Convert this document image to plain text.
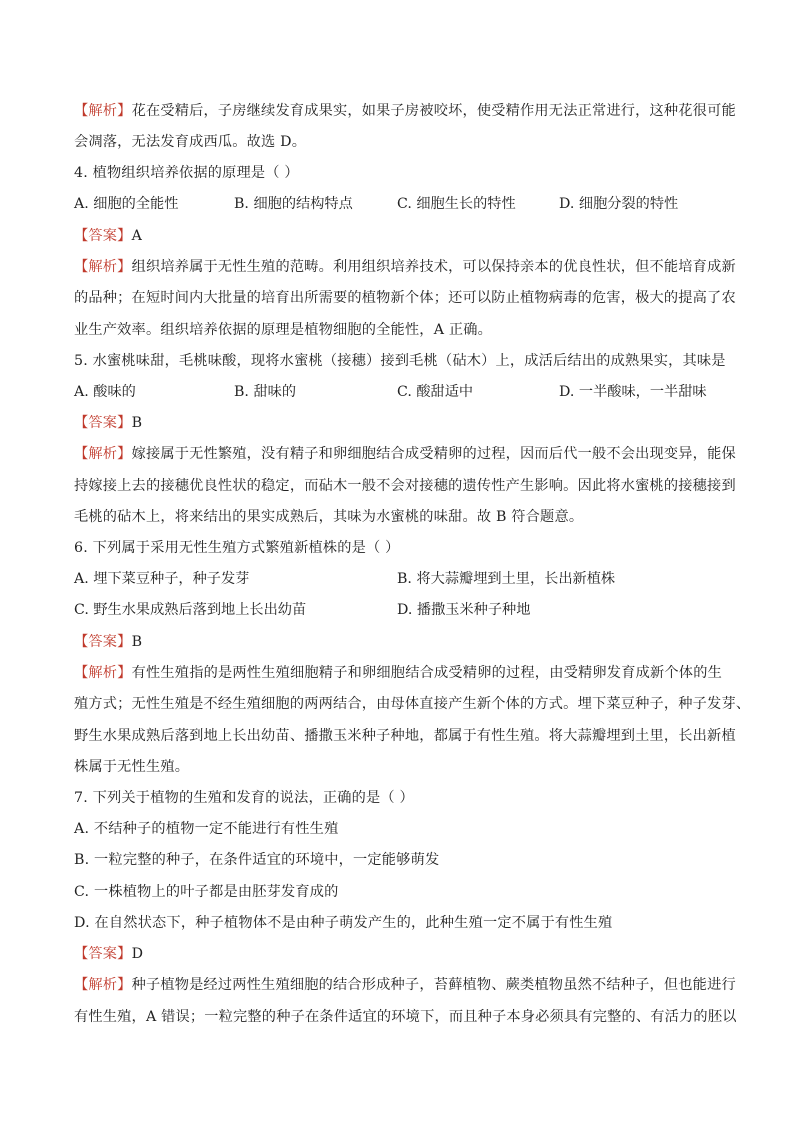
【解析】花在受精后，子房继续发育成果实，如果子房被咬坏，使受精作用无法正常进行，这种花很可能
会凋落，无法发育成西瓜。故选 D。
4. 植物组织培养依据的原理是（ ）
A. 细胞的全能性	B. 细胞的结构特点	C. 细胞生长的特性	D. 细胞分裂的特性
【答案】A
【解析】组织培养属于无性生殖的范畴。利用组织培养技术，可以保持亲本的优良性状，但不能培育成新
的品种；在短时间内大批量的培育出所需要的植物新个体；还可以防止植物病毒的危害，极大的提高了农
业生产效率。组织培养依据的原理是植物细胞的全能性，A 正确。
5. 水蜜桃味甜，毛桃味酸，现将水蜜桃（接穗）接到毛桃（砧木）上，成活后结出的成熟果实，其味是
A. 酸味的	B. 甜味的	C. 酸甜适中	D. 一半酸味，一半甜味
【答案】B
【解析】嫁接属于无性繁殖，没有精子和卵细胞结合成受精卵的过程，因而后代一般不会出现变异，能保
持嫁接上去的接穗优良性状的稳定，而砧木一般不会对接穗的遗传性产生影响。因此将水蜜桃的接穗接到
毛桃的砧木上，将来结出的果实成熟后，其味为水蜜桃的味甜。故 B 符合题意。
6. 下列属于采用无性生殖方式繁殖新植株的是（ ）
A. 埋下菜豆种子，种子发芽	B. 将大蒜瓣埋到土里，长出新植株
C. 野生水果成熟后落到地上长出幼苗	D. 播撒玉米种子种地
【答案】B
【解析】有性生殖指的是两性生殖细胞精子和卵细胞结合成受精卵的过程，由受精卵发育成新个体的生
殖方式；无性生殖是不经生殖细胞的两两结合，由母体直接产生新个体的方式。埋下菜豆种子，种子发芽、
野生水果成熟后落到地上长出幼苗、播撒玉米种子种地，都属于有性生殖。将大蒜瓣埋到土里，长出新植
株属于无性生殖。
7. 下列关于植物的生殖和发育的说法，正确的是（ ）
A. 不结种子的植物一定不能进行有性生殖
B. 一粒完整的种子，在条件适宜的环境中，一定能够萌发
C. 一株植物上的叶子都是由胚芽发育成的
D. 在自然状态下，种子植物体不是由种子萌发产生的，此种生殖一定不属于有性生殖
【答案】D
【解析】种子植物是经过两性生殖细胞的结合形成种子，苔藓植物、蕨类植物虽然不结种子，但也能进行
有性生殖，A 错误；一粒完整的种子在条件适宜的环境下，而且种子本身必须具有完整的、有活力的胚以
